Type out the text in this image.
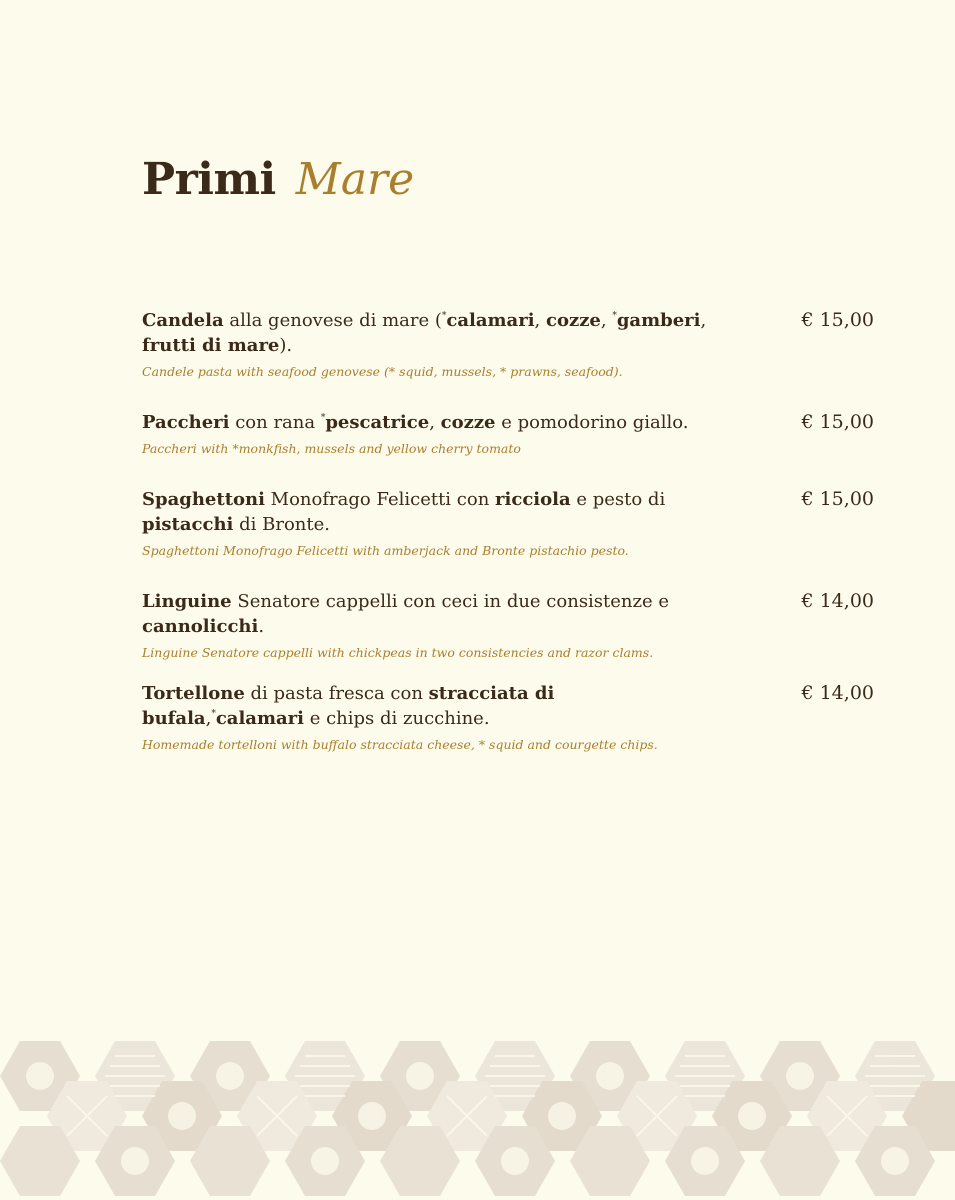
Primi Mare
Candela alla genovese di mare (*calamari, cozze, *gamberi, frutti di mare).
€ 15,00
Candele pasta with seafood genovese (* squid, mussels, * prawns, seafood).
Paccheri con rana *pescatrice, cozze e pomodorino giallo.	€ 15,00
Paccheri with *monkfish, mussels and yellow cherry tomato
Spaghettoni Monofrago Felicetti con ricciola e pesto di pistacchi di Bronte.
€ 15,00
Spaghettoni Monofrago Felicetti with amberjack and Bronte pistachio pesto.
Linguine Senatore cappelli con ceci in due consistenze e cannolicchi.
€ 14,00
Linguine Senatore cappelli with chickpeas in two consistencies and razor clams.
Tortellone di pasta fresca con stracciata di bufala,*calamari e chips di zucchine.
€ 14,00
Homemade tortelloni with buffalo stracciata cheese, * squid and courgette chips.
